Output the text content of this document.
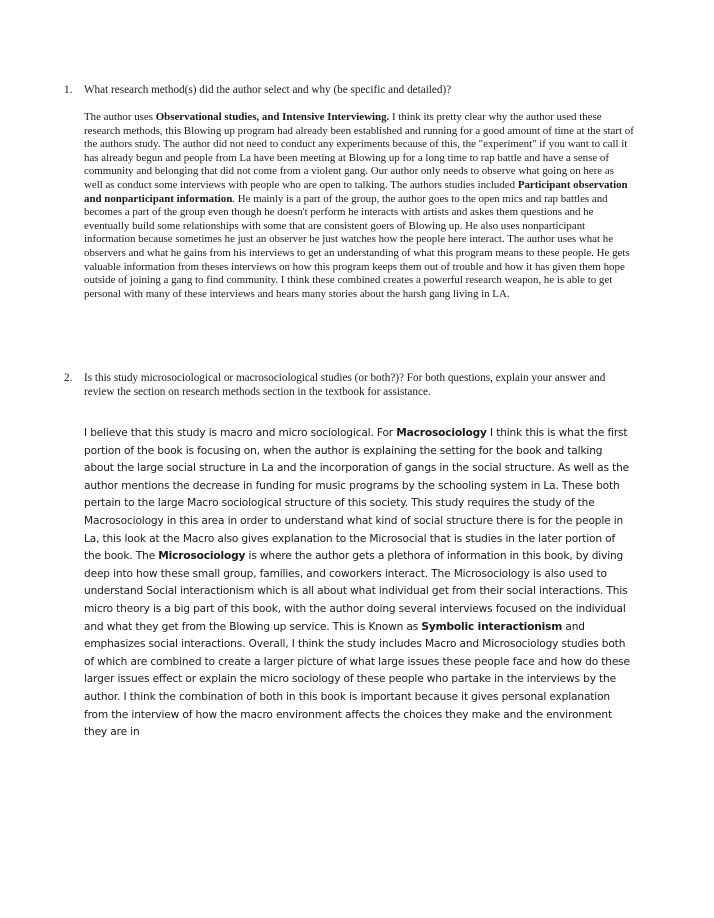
1. What research method(s) did the author select and why (be specific and detailed)?
The author uses Observational studies, and Intensive Interviewing. I think its pretty clear why the author used these research methods, this Blowing up program had already been established and running for a good amount of time at the start of the authors study. The author did not need to conduct any experiments because of this, the "experiment" if you want to call it has already begun and people from La have been meeting at Blowing up for a long time to rap battle and have a sense of community and belonging that did not come from a violent gang. Our author only needs to observe what going on here as well as conduct some interviews with people who are open to talking. The authors studies included Participant observation and nonparticipant information. He mainly is a part of the group, the author goes to the open mics and rap battles and becomes a part of the group even though he doesn't perform he interacts with artists and askes them questions and he eventually build some relationships with some that are consistent goers of Blowing up. He also uses nonparticipant information because sometimes he just an observer he just watches how the people here interact. The author uses what he observers and what he gains from his interviews to get an understanding of what this program means to these people. He gets valuable information from theses interviews on how this program keeps them out of trouble and how it has given them hope outside of joining a gang to find community. I think these combined creates a powerful research weapon, he is able to get personal with many of these interviews and hears many stories about the harsh gang living in LA.
2. Is this study microsociological or macrosociological studies (or both?)? For both questions, explain your answer and review the section on research methods section in the textbook for assistance.
I believe that this study is macro and micro sociological. For Macrosociology I think this is what the first portion of the book is focusing on, when the author is explaining the setting for the book and talking about the large social structure in La and the incorporation of gangs in the social structure. As well as the author mentions the decrease in funding for music programs by the schooling system in La. These both pertain to the large Macro sociological structure of this society. This study requires the study of the Macrosociology in this area in order to understand what kind of social structure there is for the people in La, this look at the Macro also gives explanation to the Microsocial that is studies in the later portion of the book. The Microsociology is where the author gets a plethora of information in this book, by diving deep into how these small group, families, and coworkers interact. The Microsociology is also used to understand Social interactionism which is all about what individual get from their social interactions. This micro theory is a big part of this book, with the author doing several interviews focused on the individual and what they get from the Blowing up service. This is Known as Symbolic interactionism and emphasizes social interactions. Overall, I think the study includes Macro and Microsociology studies both of which are combined to create a larger picture of what large issues these people face and how do these larger issues effect or explain the micro sociology of these people who partake in the interviews by the author. I think the combination of both in this book is important because it gives personal explanation from the interview of how the macro environment affects the choices they make and the environment they are in
